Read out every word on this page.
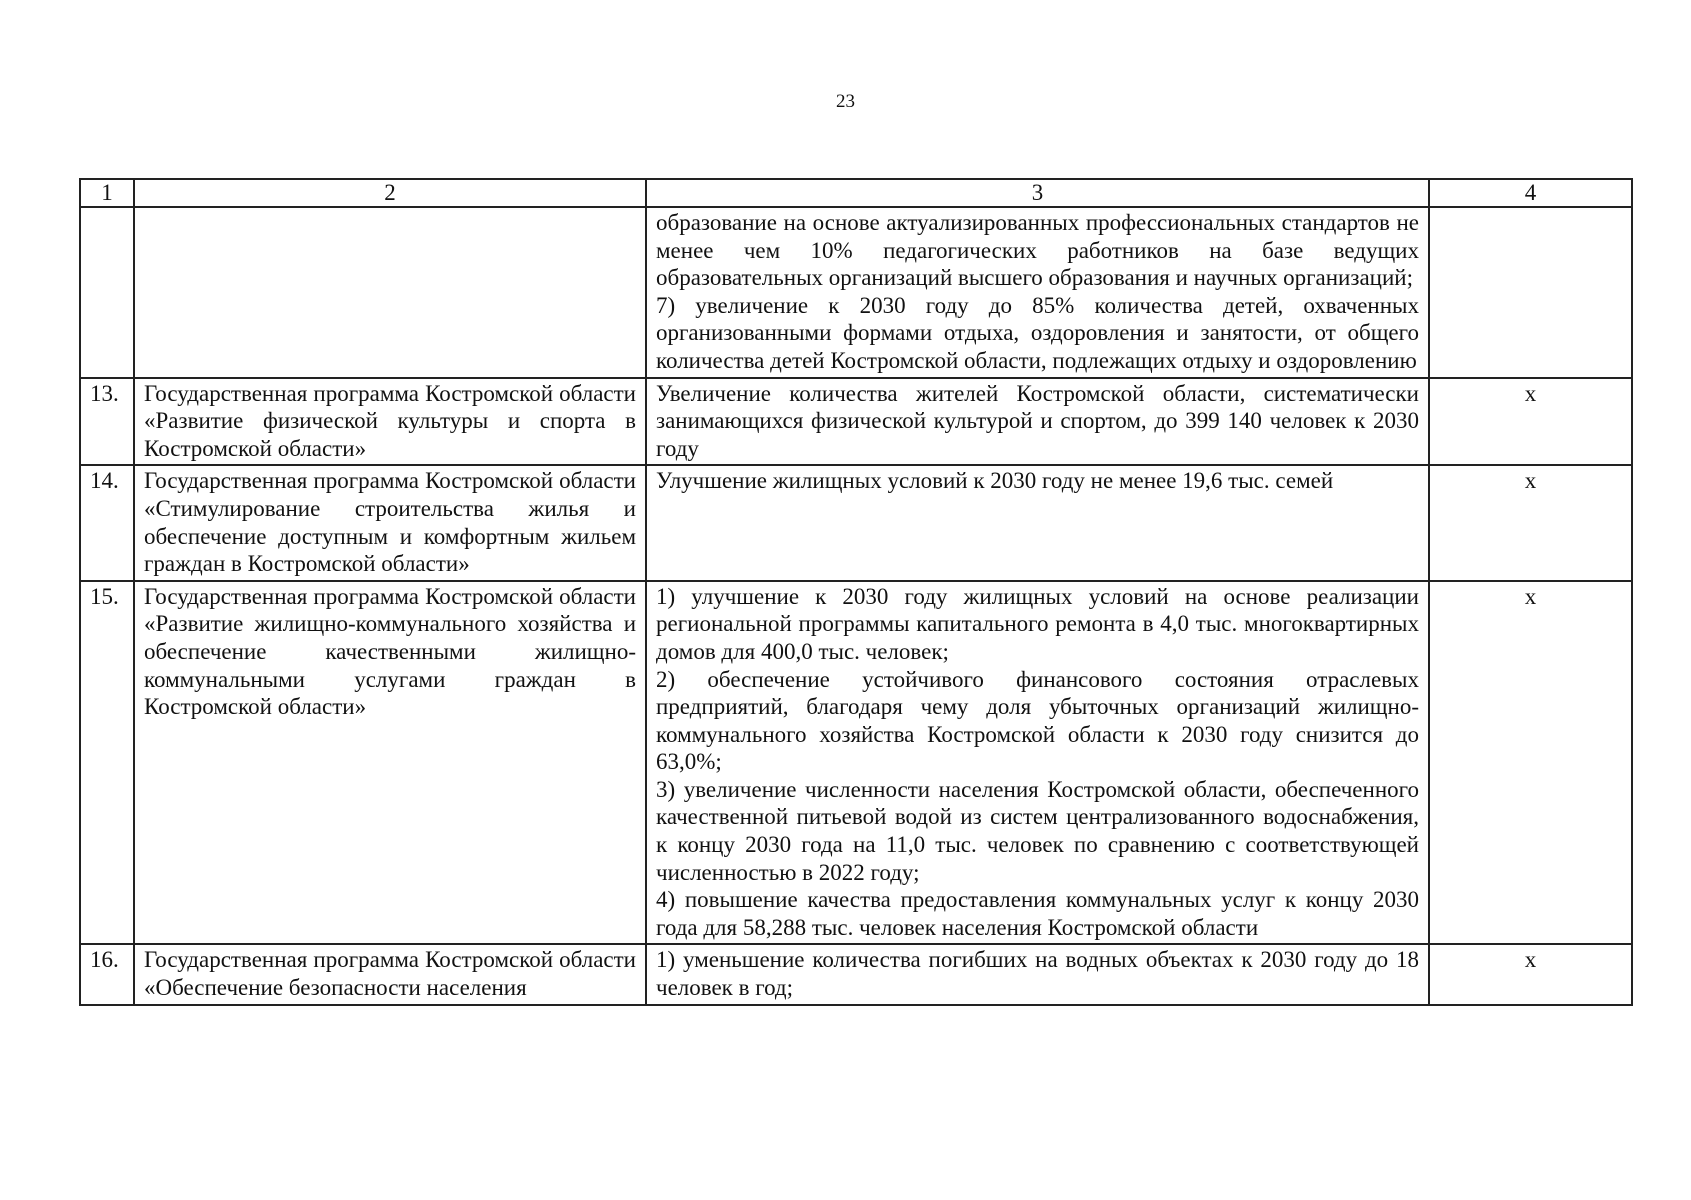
23
1	2	3	4

		образование на основе актуализированных профессиональных стандартов не менее чем 10% педагогических работников на базе ведущих образовательных организаций высшего образования и научных организаций;
7) увеличение к 2030 году до 85% количества детей, охваченных организованными формами отдыха, оздоровления и занятости, от общего количества детей Костромской области, подлежащих отдыху и оздоровлению	

13.	Государственная программа Костромской области «Развитие физической культуры и спорта в Костромской области»	Увеличение количества жителей Костромской области, систематически занимающихся физической культурой и спортом, до 399 140 человек к 2030 году	x
14.	Государственная программа Костромской области «Стимулирование строительства жилья и обеспечение доступным и комфортным жильем граждан в Костромской области»	Улучшение жилищных условий к 2030 году не менее 19,6 тыс. семей	x
15.	Государственная программа Костромской области «Развитие жилищно-коммунального хозяйства и обеспечение качественными жилищно-коммунальными услугами граждан в Костромской области»	1) улучшение к 2030 году жилищных условий на основе реализации региональной программы капитального ремонта в 4,0 тыс. многоквартирных домов для 400,0 тыс. человек;
2) обеспечение устойчивого финансового состояния отраслевых предприятий, благодаря чему доля убыточных организаций жилищно-коммунального хозяйства Костромской области к 2030 году снизится до 63,0%;
3) увеличение численности населения Костромской области, обеспеченного качественной питьевой водой из систем централизованного водоснабжения, к концу 2030 года на 11,0 тыс. человек по сравнению с соответствующей численностью в 2022 году;
4) повышение качества предоставления коммунальных услуг к концу 2030 года для 58,288 тыс. человек населения Костромской области	x
16.	Государственная программа Костромской области «Обеспечение безопасности населения	1) уменьшение количества погибших на водных объектах к 2030 году до 18 человек в год;	x
